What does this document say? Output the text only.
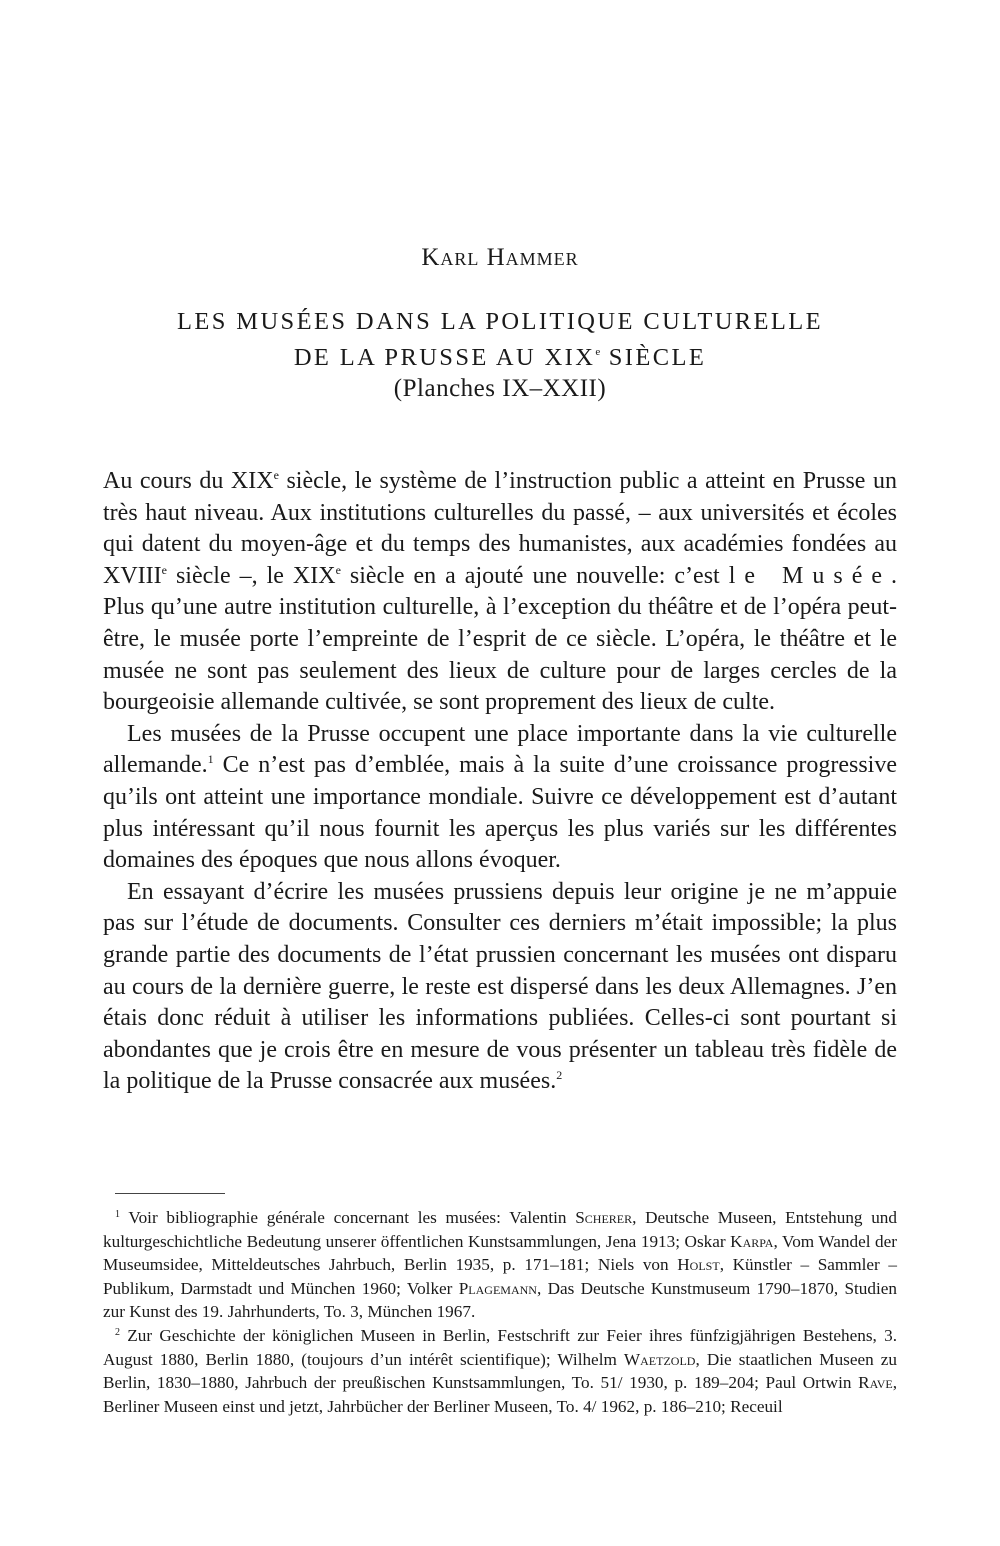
Karl Hammer
LES MUSÉES DANS LA POLITIQUE CULTURELLE
DE LA PRUSSE AU XIXe SIÈCLE
(Planches IX–XXII)

Au cours du XIXe siècle, le système de l’instruction public a atteint en Prusse un très haut niveau. Aux institutions culturelles du passé, – aux universités et écoles qui datent du moyen-âge et du temps des humanistes, aux académies fondées au XVIIIe siècle –, le XIXe siècle en a ajouté une nouvelle: c’est le Musée. Plus qu’une autre institution culturelle, à l’exception du théâtre et de l’opéra peut-être, le musée porte l’empreinte de l’esprit de ce siècle. L’opéra, le théâtre et le musée ne sont pas seulement des lieux de culture pour de larges cercles de la bourgeoisie allemande cultivée, se sont proprement des lieux de culte.

Les musées de la Prusse occupent une place importante dans la vie culturelle allemande.$^1$ Ce n’est pas d’emblée, mais à la suite d’une croissance progressive qu’ils ont atteint une importance mondiale. Suivre ce développement est d’autant plus intéressant qu’il nous fournit les aperçus les plus variés sur les différentes domaines des époques que nous allons évoquer.

En essayant d’écrire les musées prussiens depuis leur origine je ne m’appuie pas sur l’étude de documents. Consulter ces derniers m’était impossible; la plus grande partie des documents de l’état prussien concernant les musées ont disparu au cours de la dernière guerre, le reste est dispersé dans les deux Allemagnes. J’en étais donc réduit à utiliser les informations publiées. Celles-ci sont pourtant si abondantes que je crois être en mesure de vous présenter un tableau très fidèle de la politique de la Prusse consacrée aux musées.$^2$

$^1$ Voir bibliographie générale concernant les musées: Valentin Scherer, Deutsche Museen, Entstehung und kulturgeschichtliche Bedeutung unserer öffentlichen Kunstsammlungen, Jena 1913; Oskar Karpa, Vom Wandel der Museumsidee, Mitteldeutsches Jahrbuch, Berlin 1935, p. 171–181; Niels von Holst, Künstler – Sammler – Publikum, Darmstadt und München 1960; Volker Plagemann, Das Deutsche Kunstmuseum 1790–1870, Studien zur Kunst des 19. Jahrhunderts, To. 3, München 1967.

$^2$ Zur Geschichte der königlichen Museen in Berlin, Festschrift zur Feier ihres fünfzigjährigen Bestehens, 3. August 1880, Berlin 1880, (toujours d’un intérêt scientifique); Wilhelm Waetzold, Die staatlichen Museen zu Berlin, 1830–1880, Jahrbuch der preußischen Kunstsammlungen, To. 51/ 1930, p. 189–204; Paul Ortwin Rave, Berliner Museen einst und jetzt, Jahrbücher der Berliner Museen, To. 4/ 1962, p. 186–210; Receuil
